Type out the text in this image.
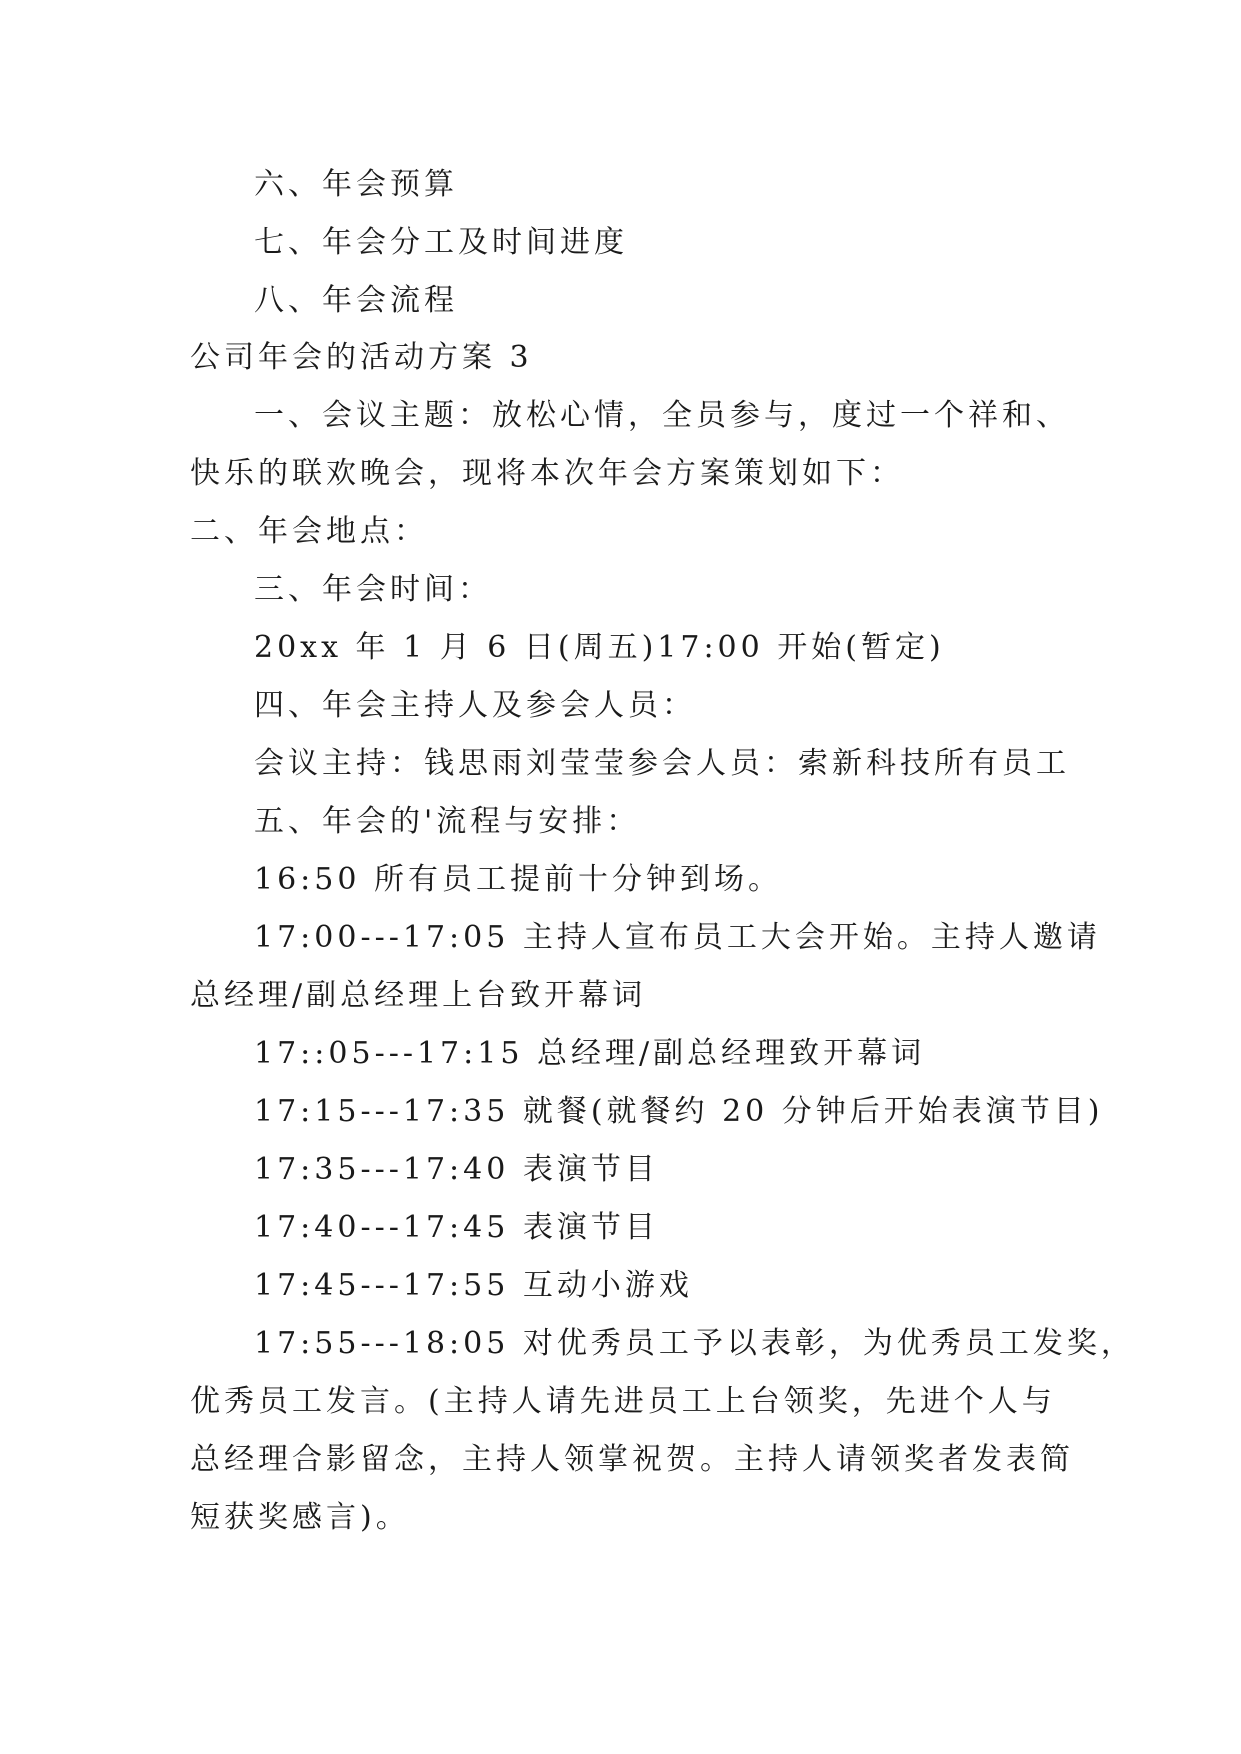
六、年会预算

七、年会分工及时间进度

八、年会流程

公司年会的活动方案 3

一、会议主题：放松心情，全员参与，度过一个祥和、

快乐的联欢晚会，现将本次年会方案策划如下：

二、年会地点：

三、年会时间：

20xx 年 1 月 6 日(周五)17:00 开始(暂定)

四、年会主持人及参会人员：

会议主持：钱思雨刘莹莹参会人员：索新科技所有员工

五、年会的'流程与安排：

16:50 所有员工提前十分钟到场。

17:00---17:05 主持人宣布员工大会开始。主持人邀请

总经理/副总经理上台致开幕词

17::05---17:15 总经理/副总经理致开幕词

17:15---17:35 就餐(就餐约 20 分钟后开始表演节目)

17:35---17:40 表演节目

17:40---17:45 表演节目

17:45---17:55 互动小游戏

17:55---18:05 对优秀员工予以表彰，为优秀员工发奖，

优秀员工发言。(主持人请先进员工上台领奖，先进个人与

总经理合影留念，主持人领掌祝贺。主持人请领奖者发表简

短获奖感言)。
